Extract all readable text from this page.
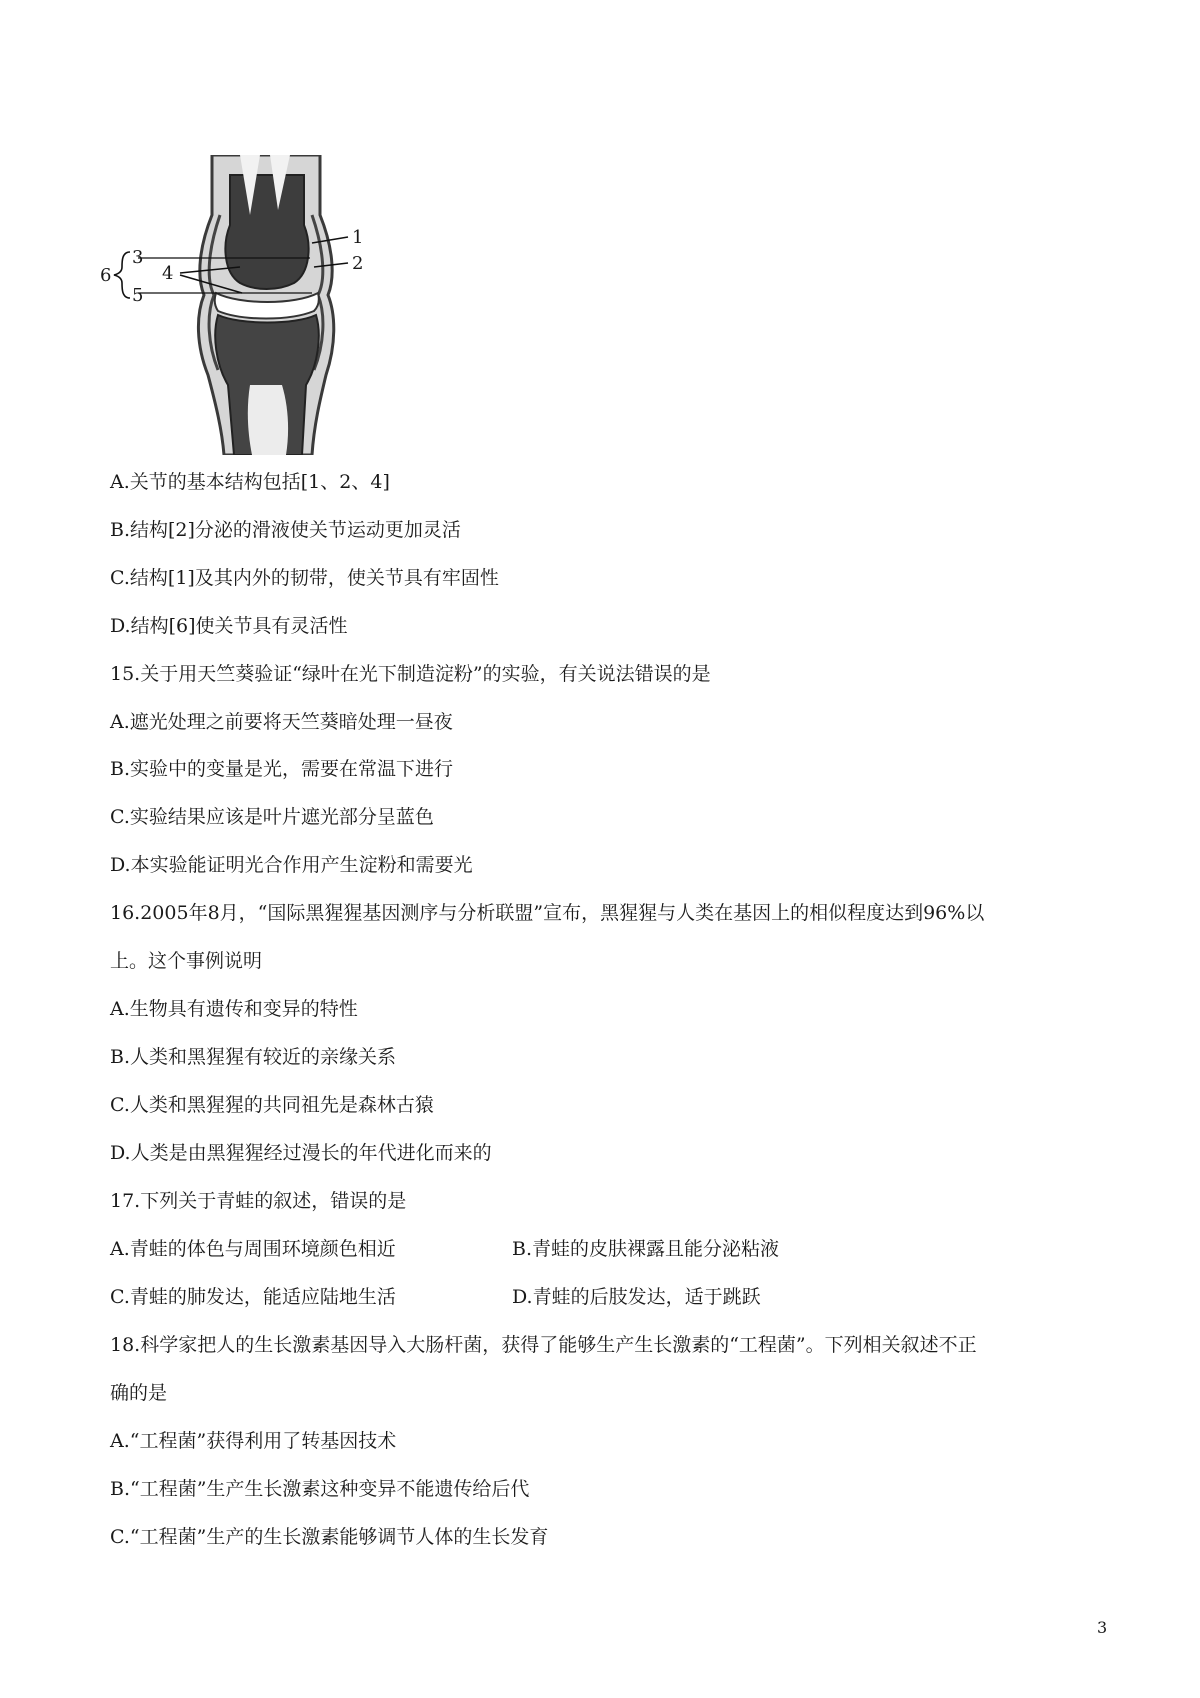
1
2
3
4
5
6
A.关节的基本结构包括[1、2、4]
B.结构[2]分泌的滑液使关节运动更加灵活
C.结构[1]及其内外的韧带，使关节具有牢固性
D.结构[6]使关节具有灵活性
15.关于用天竺葵验证“绿叶在光下制造淀粉”的实验，有关说法错误的是
A.遮光处理之前要将天竺葵暗处理一昼夜
B.实验中的变量是光，需要在常温下进行
C.实验结果应该是叶片遮光部分呈蓝色
D.本实验能证明光合作用产生淀粉和需要光
16.2005年8月，“国际黑猩猩基因测序与分析联盟”宣布，黑猩猩与人类在基因上的相似程度达到96%以
上。这个事例说明
A.生物具有遗传和变异的特性
B.人类和黑猩猩有较近的亲缘关系
C.人类和黑猩猩的共同祖先是森林古猿
D.人类是由黑猩猩经过漫长的年代进化而来的
17.下列关于青蛙的叙述，错误的是
A.青蛙的体色与周围环境颜色相近	B.青蛙的皮肤裸露且能分泌粘液
C.青蛙的肺发达，能适应陆地生活	D.青蛙的后肢发达，适于跳跃
18.科学家把人的生长激素基因导入大肠杆菌，获得了能够生产生长激素的“工程菌”。下列相关叙述不正
确的是
A.“工程菌”获得利用了转基因技术
B.“工程菌”生产生长激素这种变异不能遗传给后代
C.“工程菌”生产的生长激素能够调节人体的生长发育
3
